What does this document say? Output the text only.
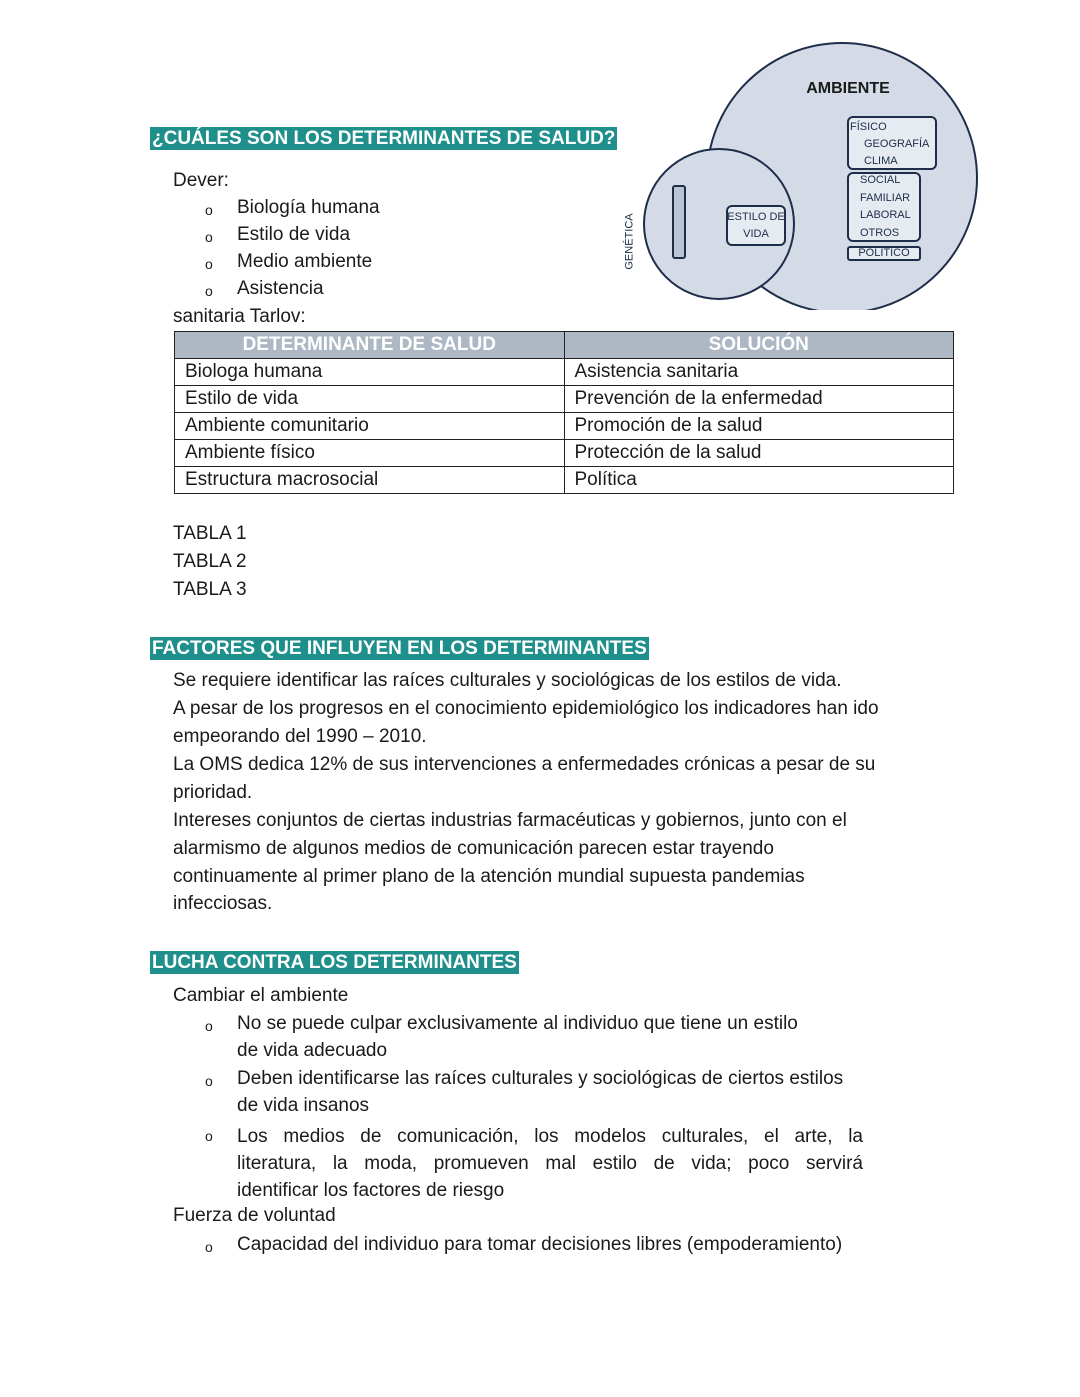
¿CUÁLES SON LOS DETERMINANTES DE SALUD?
Dever:
o Biología humana
o Estilo de vida
o Medio ambiente
o Asistencia
sanitaria Tarlov:
AMBIENTE
GENÉTICA	ESTILO DE
VIDA
FÍSICO
GEOGRAFÍA
CLIMA
SOCIAL
FAMILIAR
LABORAL
OTROS
POLÍTICO
DETERMINANTE DE SALUD	SOLUCIÓN
Biologa humana	Asistencia sanitaria
Estilo de vida	Prevención de la enfermedad
Ambiente comunitario	Promoción de la salud
Ambiente físico	Protección de la salud
Estructura macrosocial	Política
TABLA 1
TABLA 2
TABLA 3
FACTORES QUE INFLUYEN EN LOS DETERMINANTES
Se requiere identificar las raíces culturales y sociológicas de los estilos de vida.
A pesar de los progresos en el conocimiento epidemiológico los indicadores han ido
empeorando del 1990 – 2010.
La OMS dedica 12% de sus intervenciones a enfermedades crónicas a pesar de su
prioridad.
Intereses conjuntos de ciertas industrias farmacéuticas y gobiernos, junto con el
alarmismo de algunos medios de comunicación parecen estar trayendo
continuamente al primer plano de la atención mundial supuesta pandemias
infecciosas.
LUCHA CONTRA LOS DETERMINANTES
Cambiar el ambiente
o No se puede culpar exclusivamente al individuo que tiene un estilo
de vida adecuado
o Deben identificarse las raíces culturales y sociológicas de ciertos estilos
de vida insanos
o Los medios de comunicación, los modelos culturales, el arte, la
literatura, la moda, promueven mal estilo de vida; poco servirá
identificar los factores de riesgo
Fuerza de voluntad
o Capacidad del individuo para tomar decisiones libres (empoderamiento)
